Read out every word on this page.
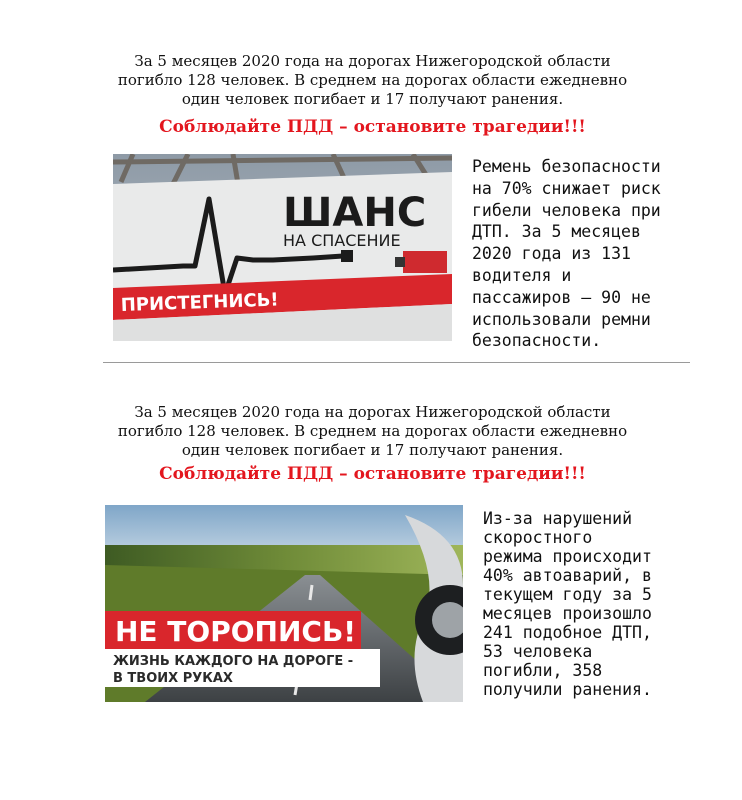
За 5 месяцев 2020 года на дорогах Нижегородской области

погибло 128 человек. В среднем на дорогах области ежедневно

один человек погибает и 17 получают ранения.

Соблюдайте ПДД – остановите трагедии!!!
ШАНС
НА СПАСЕНИЕ
ПРИСТЕГНИСЬ!
Ремень безопасности
на 70% снижает риск
гибели человека при
ДТП. За 5 месяцев
2020 года из 131
водителя и
пассажиров – 90 не
использовали ремни
безопасности.

За 5 месяцев 2020 года на дорогах Нижегородской области

погибло 128 человек. В среднем на дорогах области ежедневно

один человек погибает и 17 получают ранения.

Соблюдайте ПДД – остановите трагедии!!!
НЕ ТОРОПИСЬ!
ЖИЗНЬ КАЖДОГО НА ДОРОГЕ -
В ТВОИХ РУКАХ
Из-за нарушений
скоростного
режима происходит
40% автоаварий, в
текущем году за 5
месяцев произошло
241 подобное ДТП,
53 человека
погибли, 358
получили ранения.
